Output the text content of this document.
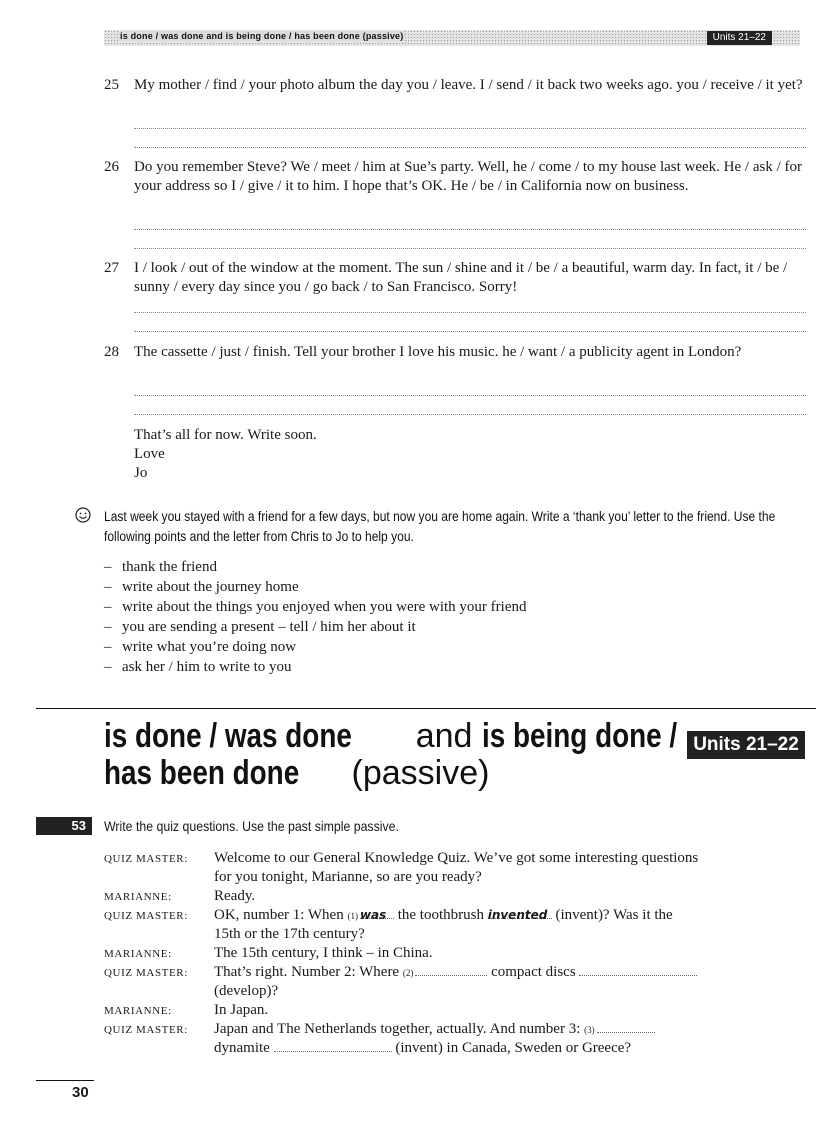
is done / was done and is being done / has been done (passive)	Units 21–22
25 My mother / find / your photo album the day you / leave. I / send / it back two weeks ago. you / receive / it yet?
26 Do you remember Steve? We / meet / him at Sue’s party. Well, he / come / to my house last week. He / ask / for your address so I / give / it to him. I hope that’s OK. He / be / in California now on business.
27 I / look / out of the window at the moment. The sun / shine and it / be / a beautiful, warm day. In fact, it / be / sunny / every day since you / go back / to San Francisco. Sorry!
28 The cassette / just / finish. Tell your brother I love his music. he / want / a publicity agent in London?
That’s all for now. Write soon.
Love
Jo
Last week you stayed with a friend for a few days, but now you are home again. Write a ‘thank you’ letter to the friend. Use the following points and the letter from Chris to Jo to help you.
– thank the friend
– write about the journey home
– write about the things you enjoyed when you were with your friend
– you are sending a present – tell / him her about it
– write what you’re doing now
– ask her / him to write to you
is done / was done and is being done /
has been done (passive)
Units 21–22
53	Write the quiz questions. Use the past simple passive.
QUIZ MASTER: Welcome to our General Knowledge Quiz. We’ve got some interesting questions
for you tonight, Marianne, so are you ready?
MARIANNE:	Ready.
QUIZ MASTER: OK, number 1: When (1) was the toothbrush invented (invent)? Was it the
15th or the 17th century?
MARIANNE:	The 15th century, I think – in China.
QUIZ MASTER: That’s right. Number 2: Where (2)	compact discs
(develop)?
MARIANNE:	In Japan.
QUIZ MASTER: Japan and The Netherlands together, actually. And number 3: (3)
dynamite	(invent) in Canada, Sweden or Greece?
30
